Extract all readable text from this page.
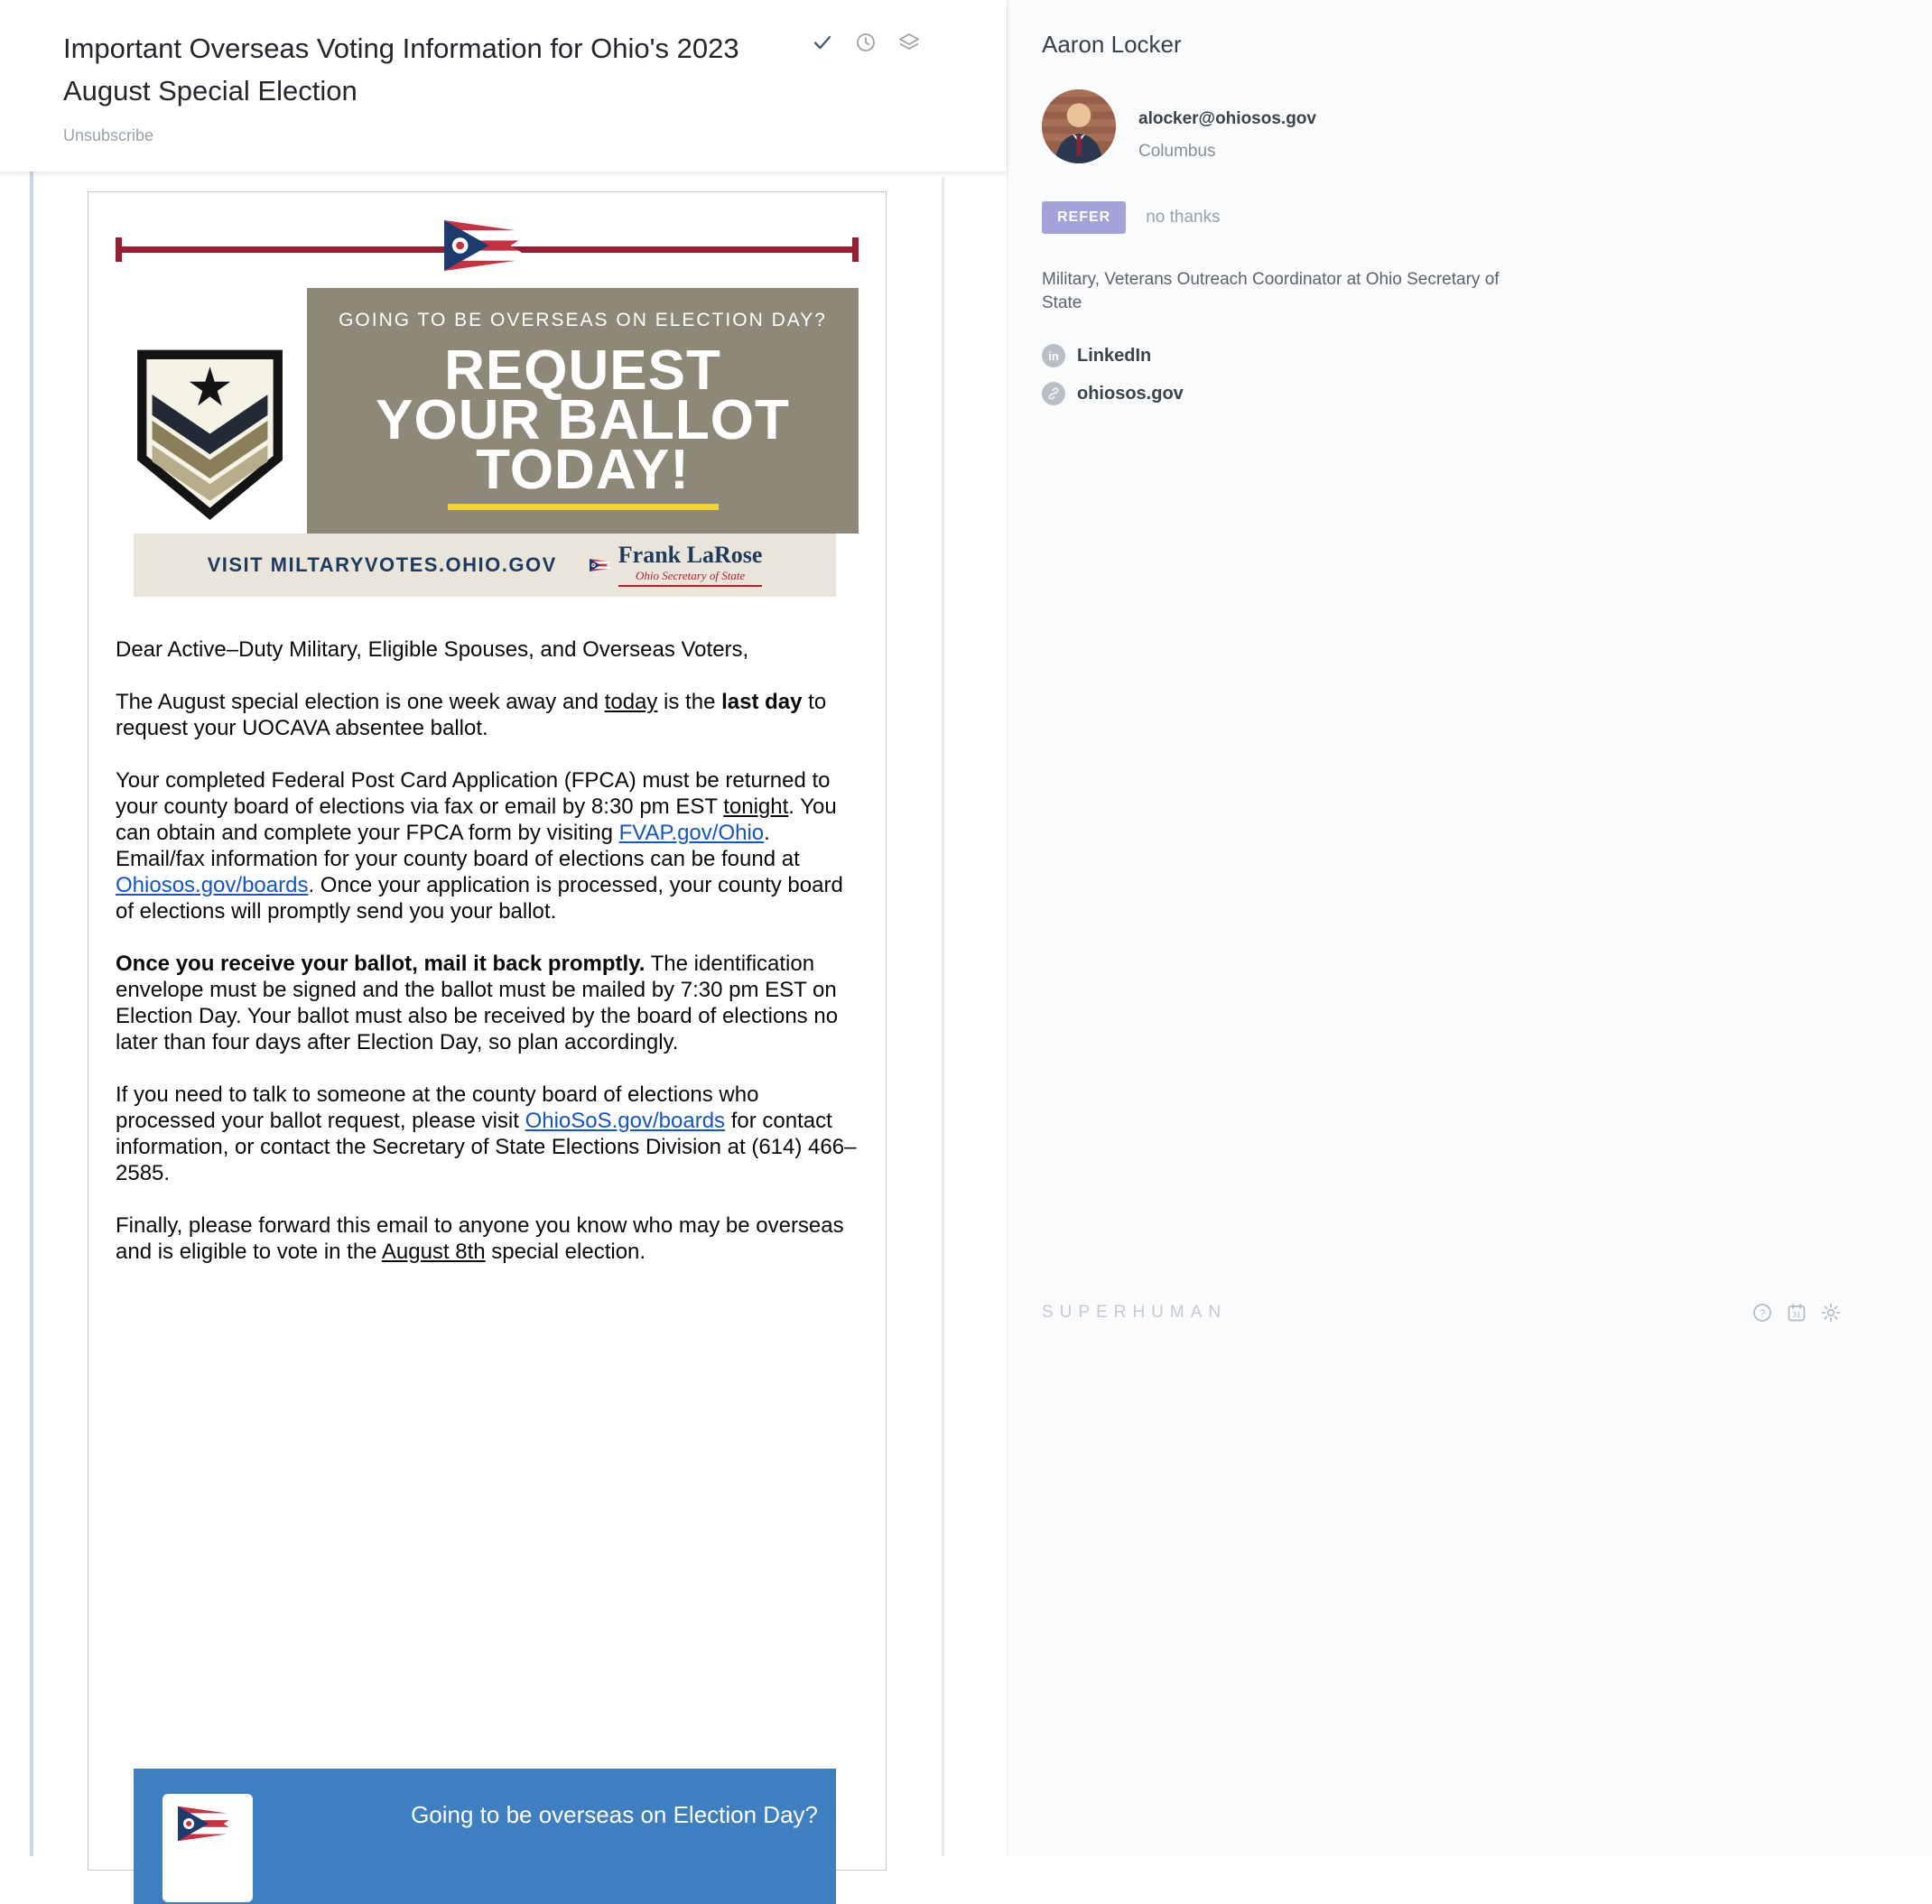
Important Overseas Voting Information for Ohio's 2023 August Special Election
Unsubscribe
GOING TO BE OVERSEAS ON ELECTION DAY?
REQUEST
YOUR BALLOT
TODAY!
VISIT MILTARYVOTES.OHIO.GOV	Frank LaRose
Ohio Secretary of State

Dear Active–Duty Military, Eligible Spouses, and Overseas Voters,

The August special election is one week away and today is the last day to request your UOCAVA absentee ballot.

Your completed Federal Post Card Application (FPCA) must be returned to your county board of elections via fax or email by 8:30 pm EST tonight. You can obtain and complete your FPCA form by visiting FVAP.gov/Ohio. Email/fax information for your county board of elections can be found at Ohiosos.gov/boards. Once your application is processed, your county board of elections will promptly send you your ballot.

Once you receive your ballot, mail it back promptly. The identification envelope must be signed and the ballot must be mailed by 7:30 pm EST on Election Day. Your ballot must also be received by the board of elections no later than four days after Election Day, so plan accordingly.

If you need to talk to someone at the county board of elections who processed your ballot request, please visit OhioSoS.gov/boards for contact information, or contact the Secretary of State Elections Division at (614) 466–2585.

Finally, please forward this email to anyone you know who may be overseas and is eligible to vote in the August 8th special election.

Going to be overseas on Election Day?
Aaron Locker
alocker@ohiosos.gov
Columbus
REFER	no thanks
Military, Veterans Outreach Coordinator at Ohio Secretary of State
in LinkedIn
ohiosos.gov
SUPERHUMAN	?	31
